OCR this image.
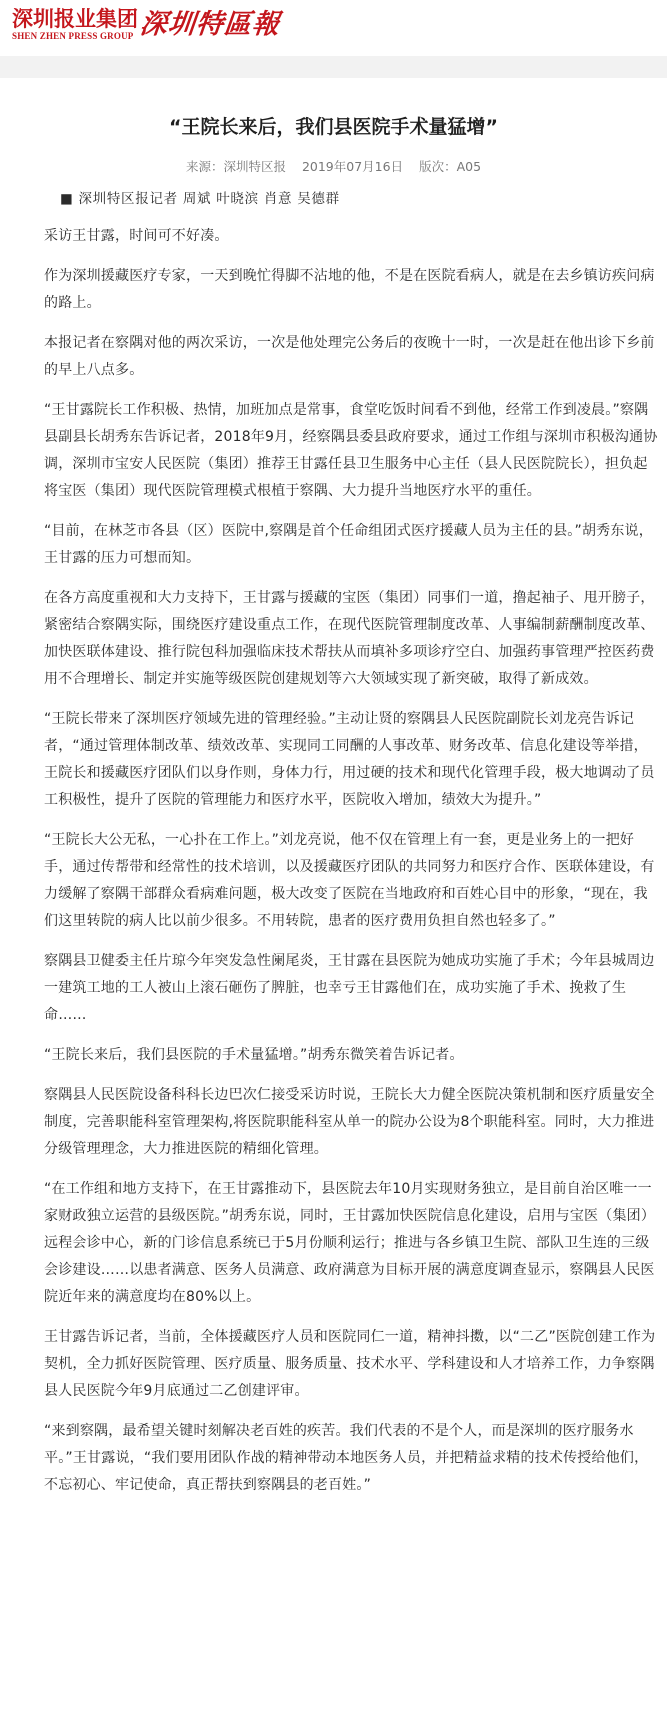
深圳报业集团
SHEN ZHEN PRESS GROUP 深圳特區報
“王院长来后，我们县医院手术量猛增”
来源：深圳特区报 2019年07月16日 版次：A05

■ 深圳特区报记者 周斌 叶晓滨 肖意 吴德群

采访王甘露，时间可不好凑。

作为深圳援藏医疗专家，一天到晚忙得脚不沾地的他，不是在医院看病人，就是在去乡镇访疾问病的路上。

本报记者在察隅对他的两次采访，一次是他处理完公务后的夜晚十一时，一次是赶在他出诊下乡前的早上八点多。

“王甘露院长工作积极、热情，加班加点是常事，食堂吃饭时间看不到他，经常工作到凌晨。”察隅县副县长胡秀东告诉记者，2018年9月，经察隅县委县政府要求，通过工作组与深圳市积极沟通协调，深圳市宝安人民医院（集团）推荐王甘露任县卫生服务中心主任（县人民医院院长），担负起将宝医（集团）现代医院管理模式根植于察隅、大力提升当地医疗水平的重任。

“目前，在林芝市各县（区）医院中,察隅是首个任命组团式医疗援藏人员为主任的县。”胡秀东说，王甘露的压力可想而知。

在各方高度重视和大力支持下，王甘露与援藏的宝医（集团）同事们一道，撸起袖子、甩开膀子，紧密结合察隅实际，围绕医疗建设重点工作，在现代医院管理制度改革、人事编制薪酬制度改革、加快医联体建设、推行院包科加强临床技术帮扶从而填补多项诊疗空白、加强药事管理严控医药费用不合理增长、制定并实施等级医院创建规划等六大领域实现了新突破，取得了新成效。

“王院长带来了深圳医疗领域先进的管理经验。”主动让贤的察隅县人民医院副院长刘龙亮告诉记者，“通过管理体制改革、绩效改革、实现同工同酬的人事改革、财务改革、信息化建设等举措，王院长和援藏医疗团队们以身作则，身体力行，用过硬的技术和现代化管理手段，极大地调动了员工积极性，提升了医院的管理能力和医疗水平，医院收入增加，绩效大为提升。”

“王院长大公无私，一心扑在工作上。”刘龙亮说，他不仅在管理上有一套，更是业务上的一把好手，通过传帮带和经常性的技术培训，以及援藏医疗团队的共同努力和医疗合作、医联体建设，有力缓解了察隅干部群众看病难问题，极大改变了医院在当地政府和百姓心目中的形象，“现在，我们这里转院的病人比以前少很多。不用转院，患者的医疗费用负担自然也轻多了。”

察隅县卫健委主任片琼今年突发急性阑尾炎，王甘露在县医院为她成功实施了手术；今年县城周边一建筑工地的工人被山上滚石砸伤了脾脏，也幸亏王甘露他们在，成功实施了手术、挽救了生命……

“王院长来后，我们县医院的手术量猛增。”胡秀东微笑着告诉记者。

察隅县人民医院设备科科长边巴次仁接受采访时说，王院长大力健全医院决策机制和医疗质量安全制度，完善职能科室管理架构,将医院职能科室从单一的院办公设为8个职能科室。同时，大力推进分级管理理念，大力推进医院的精细化管理。

“在工作组和地方支持下，在王甘露推动下，县医院去年10月实现财务独立，是目前自治区唯一一家财政独立运营的县级医院。”胡秀东说，同时，王甘露加快医院信息化建设，启用与宝医（集团）远程会诊中心，新的门诊信息系统已于5月份顺利运行；推进与各乡镇卫生院、部队卫生连的三级会诊建设……以患者满意、医务人员满意、政府满意为目标开展的满意度调查显示，察隅县人民医院近年来的满意度均在80%以上。

王甘露告诉记者，当前，全体援藏医疗人员和医院同仁一道，精神抖擞，以“二乙”医院创建工作为契机，全力抓好医院管理、医疗质量、服务质量、技术水平、学科建设和人才培养工作，力争察隅县人民医院今年9月底通过二乙创建评审。

“来到察隅，最希望关键时刻解决老百姓的疾苦。我们代表的不是个人，而是深圳的医疗服务水平。”王甘露说，“我们要用团队作战的精神带动本地医务人员，并把精益求精的技术传授给他们，不忘初心、牢记使命，真正帮扶到察隅县的老百姓。”
